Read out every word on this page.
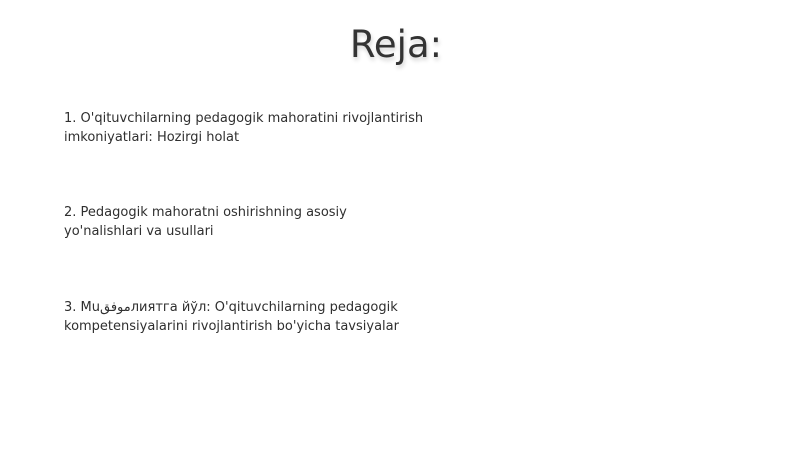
Reja:
1. O'qituvchilarning pedagogik mahoratini rivojlantirish imkoniyatlari: Hozirgi holat
2. Pedagogik mahoratni oshirishning asosiy yo'nalishlari va usullari
3. Muموفقлиятга йўл: O'qituvchilarning pedagogik kompetensiyalarini rivojlantirish bo'yicha tavsiyalar
